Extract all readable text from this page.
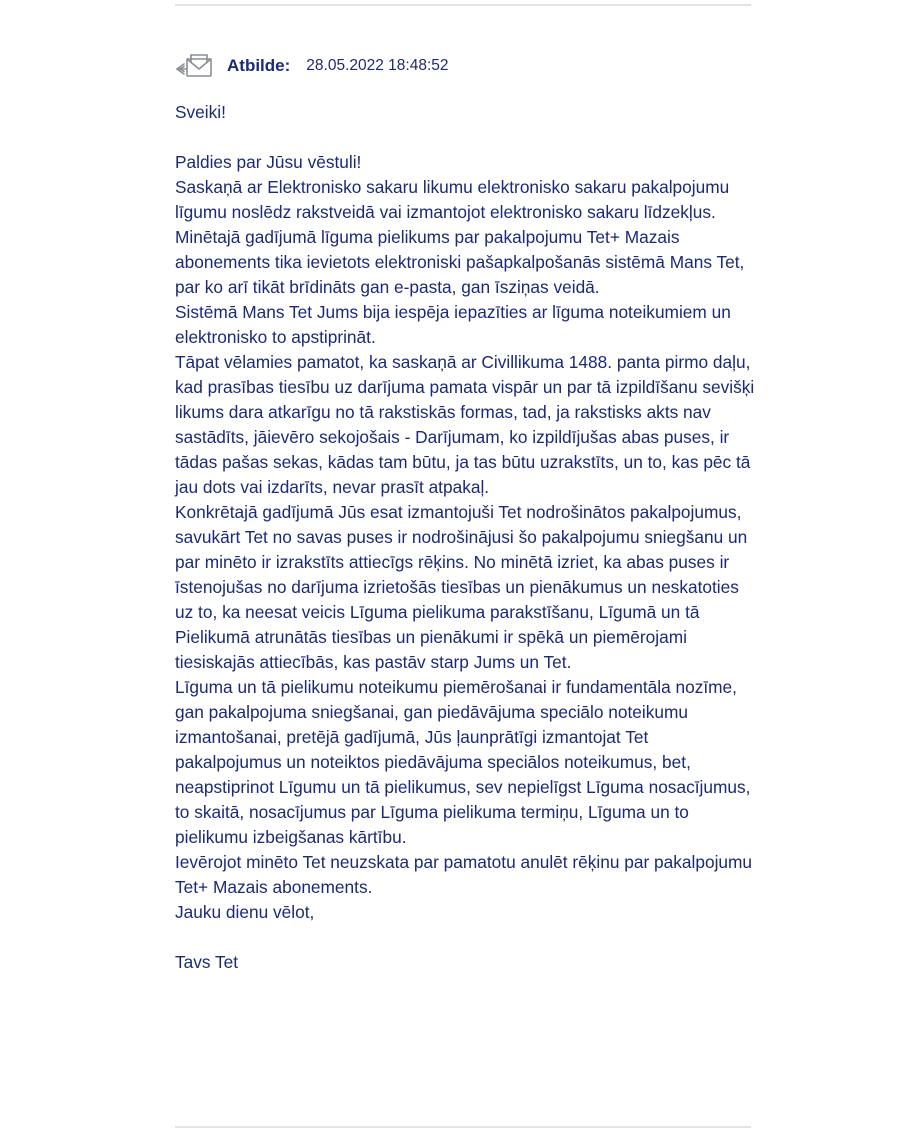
Atbilde: 28.05.2022 18:48:52

Sveiki!

Paldies par Jūsu vēstuli!

Saskaņā ar Elektronisko sakaru likumu elektronisko sakaru pakalpojumu līgumu noslēdz rakstveidā vai izmantojot elektronisko sakaru līdzekļus. Minētajā gadījumā līguma pielikums par pakalpojumu Tet+ Mazais abonements tika ievietots elektroniski pašapkalpošanās sistēmā Mans Tet, par ko arī tikāt brīdināts gan e-pasta, gan īsziņas veidā.

Sistēmā Mans Tet Jums bija iespēja iepazīties ar līguma noteikumiem un elektronisko to apstiprināt.

Tāpat vēlamies pamatot, ka saskaņā ar Civillikuma 1488. panta pirmo daļu, kad prasības tiesību uz darījuma pamata vispār un par tā izpildīšanu sevišķi likums dara atkarīgu no tā rakstiskās formas, tad, ja rakstisks akts nav sastādīts, jāievēro sekojošais - Darījumam, ko izpildījušas abas puses, ir tādas pašas sekas, kādas tam būtu, ja tas būtu uzrakstīts, un to, kas pēc tā jau dots vai izdarīts, nevar prasīt atpakaļ.

Konkrētajā gadījumā Jūs esat izmantojuši Tet nodrošinātos pakalpojumus, savukārt Tet no savas puses ir nodrošinājusi šo pakalpojumu sniegšanu un par minēto ir izrakstīts attiecīgs rēķins. No minētā izriet, ka abas puses ir īstenojušas no darījuma izrietošās tiesības un pienākumus un neskatoties uz to, ka neesat veicis Līguma pielikuma parakstīšanu, Līgumā un tā Pielikumā atrunātās tiesības un pienākumi ir spēkā un piemērojami tiesiskajās attiecībās, kas pastāv starp Jums un Tet.

Līguma un tā pielikumu noteikumu piemērošanai ir fundamentāla nozīme, gan pakalpojuma sniegšanai, gan piedāvājuma speciālo noteikumu izmantošanai, pretējā gadījumā, Jūs ļaunprātīgi izmantojat Tet pakalpojumus un noteiktos piedāvājuma speciālos noteikumus, bet, neapstiprinot Līgumu un tā pielikumus, sev nepielīgst Līguma nosacījumus, to skaitā, nosacījumus par Līguma pielikuma termiņu, Līguma un to pielikumu izbeigšanas kārtību.

Ievērojot minēto Tet neuzskata par pamatotu anulēt rēķinu par pakalpojumu Tet+ Mazais abonements.

Jauku dienu vēlot,

Tavs Tet
